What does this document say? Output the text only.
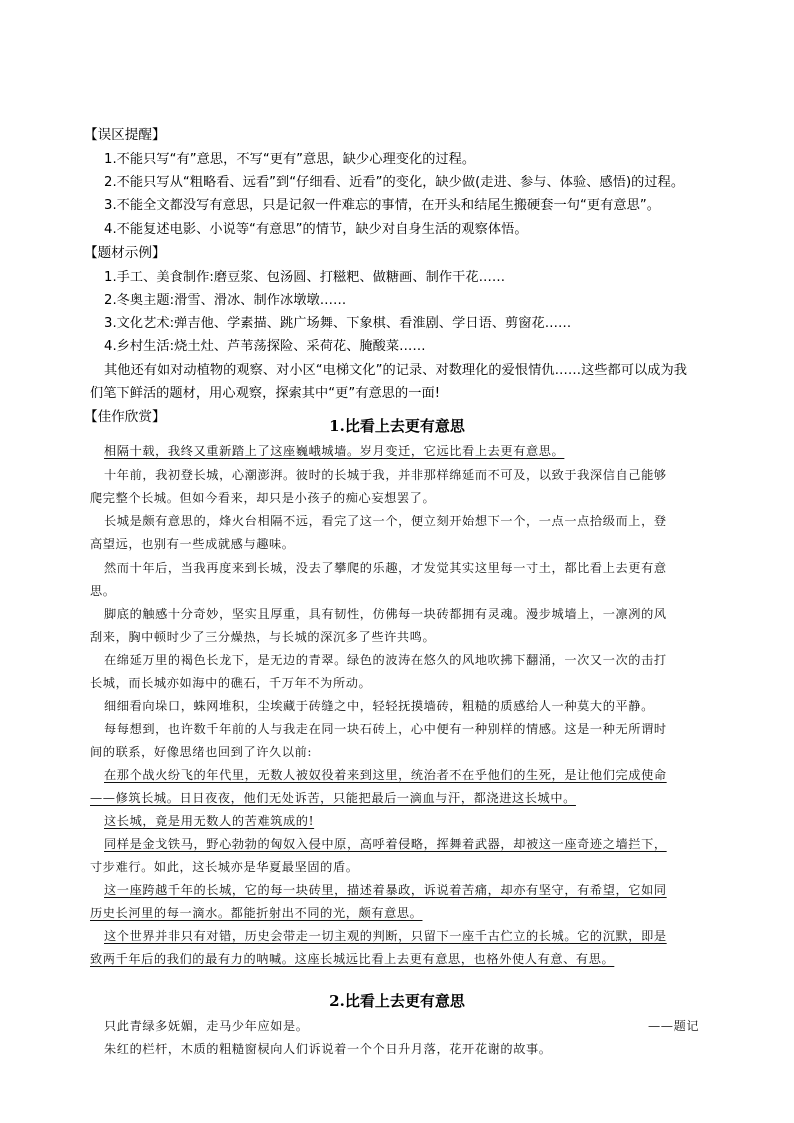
【误区提醒】
1.不能只写“有”意思，不写“更有”意思，缺少心理变化的过程。
2.不能只写从“粗略看、远看”到“仔细看、近看”的变化，缺少做(走进、参与、体验、感悟)的过程。
3.不能全文都没写有意思，只是记叙一件难忘的事情，在开头和结尾生搬硬套一句“更有意思”。
4.不能复述电影、小说等“有意思”的情节，缺少对自身生活的观察体悟。
【题材示例】
1.手工、美食制作:磨豆浆、包汤圆、打糍粑、做糖画、制作干花……
2.冬奥主题:滑雪、滑冰、制作冰墩墩……
3.文化艺术:弹吉他、学素描、跳广场舞、下象棋、看淮剧、学日语、剪窗花……
4.乡村生活:烧土灶、芦苇荡探险、采荷花、腌酸菜……
其他还有如对动植物的观察、对小区“电梯文化”的记录、对数理化的爱恨情仇……这些都可以成为我
们笔下鲜活的题材，用心观察，探索其中“更”有意思的一面!
【佳作欣赏】	1.比看上去更有意思
相隔十载，我终又重新踏上了这座巍峨城墙。岁月变迁，它远比看上去更有意思。
十年前，我初登长城，心潮澎湃。彼时的长城于我，并非那样绵延而不可及，以致于我深信自己能够
爬完整个长城。但如今看来，却只是小孩子的痴心妄想罢了。
长城是颇有意思的，烽火台相隔不远，看完了这一个，便立刻开始想下一个，一点一点拾级而上，登
高望远，也别有一些成就感与趣味。
然而十年后，当我再度来到长城，没去了攀爬的乐趣，才发觉其实这里每一寸土，都比看上去更有意
思。
脚底的触感十分奇妙，坚实且厚重，具有韧性，仿佛每一块砖都拥有灵魂。漫步城墙上，一凛冽的风
刮来，胸中顿时少了三分燥热，与长城的深沉多了些许共鸣。
在绵延万里的褐色长龙下，是无边的青翠。绿色的波涛在悠久的风地吹拂下翻涌，一次又一次的击打
长城，而长城亦如海中的礁石，千万年不为所动。
细细看向垛口，蛛网堆积，尘埃藏于砖缝之中，轻轻抚摸墙砖，粗糙的质感给人一种莫大的平静。
每每想到，也许数千年前的人与我走在同一块石砖上，心中便有一种别样的情感。这是一种无所谓时
间的联系，好像思绪也回到了许久以前:
在那个战火纷飞的年代里，无数人被奴役着来到这里，统治者不在乎他们的生死，是让他们完成使命
——修筑长城。日日夜夜，他们无处诉苦，只能把最后一滴血与汗，都浇进这长城中。
这长城，竟是用无数人的苦难筑成的!
同样是金戈铁马，野心勃勃的匈奴入侵中原，高呼着侵略，挥舞着武器，却被这一座奇迹之墙拦下，
寸步难行。如此，这长城亦是华夏最坚固的盾。
这一座跨越千年的长城，它的每一块砖里，描述着暴政，诉说着苦痛，却亦有坚守，有希望，它如同
历史长河里的每一滴水。都能折射出不同的光，颇有意思。
这个世界并非只有对错，历史会带走一切主观的判断，只留下一座千古伫立的长城。它的沉默，即是
致两千年后的我们的最有力的呐喊。这座长城远比看上去更有意思，也格外使人有意、有思。
2.比看上去更有意思
只此青绿多妩媚，走马少年应如是。	——题记
朱红的栏杆，木质的粗糙窗棂向人们诉说着一个个日升月落，花开花谢的故事。
